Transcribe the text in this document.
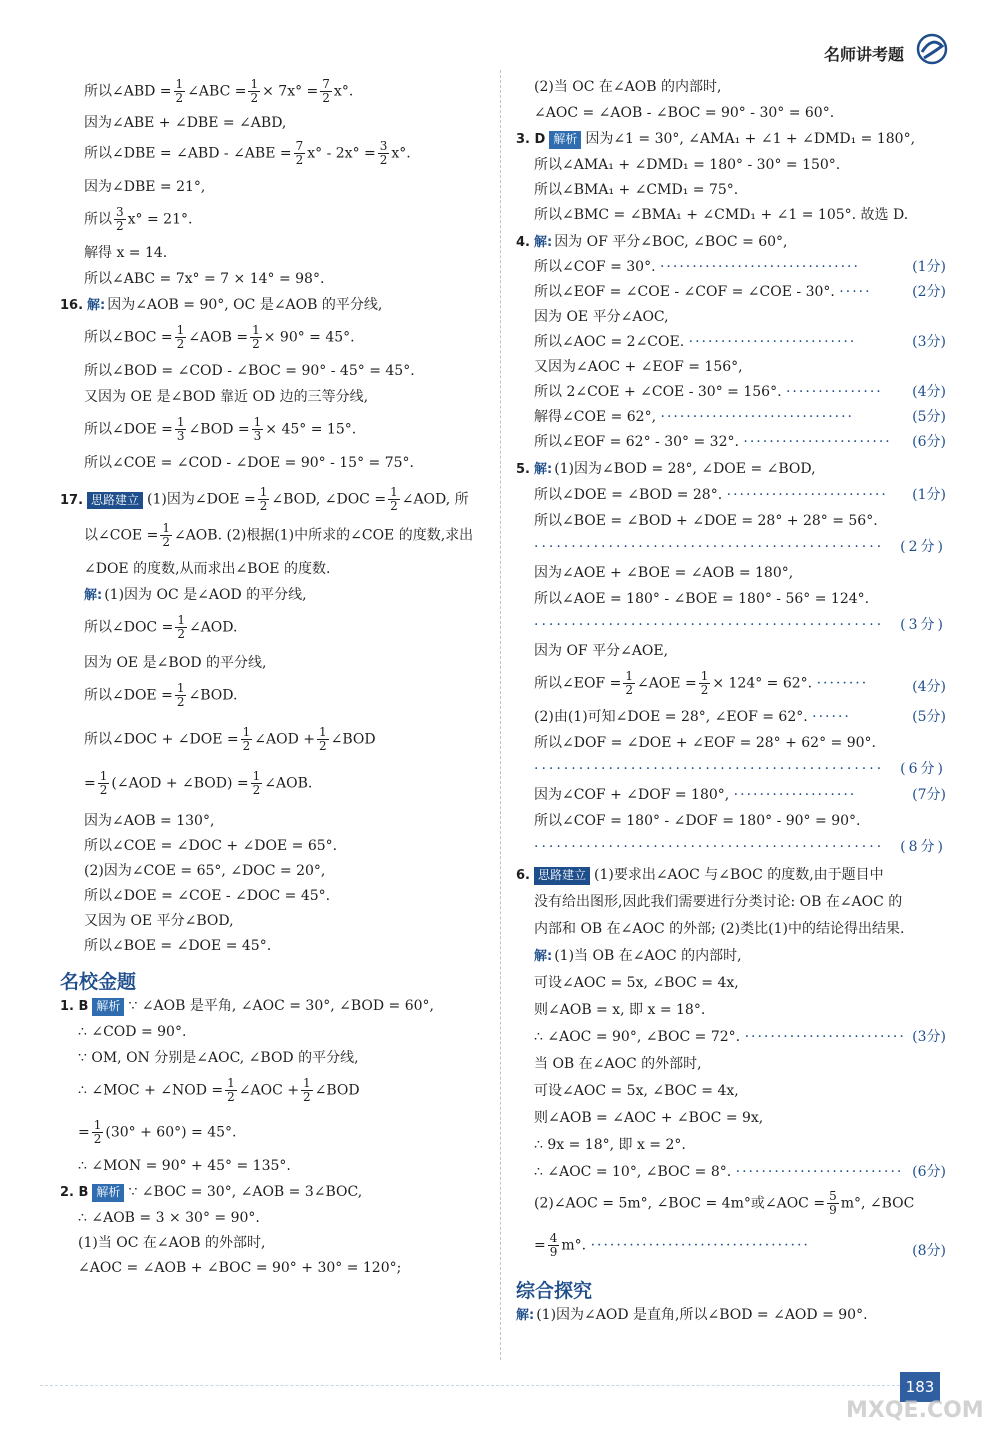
名师讲考题
所以∠ABD = $\frac{1}{2}$ ∠ABC = $\frac{1}{2} \times 7x^\circ = \frac{7}{2} x^\circ$.
因为∠ABE + ∠DBE = ∠ABD,
所以∠DBE = ∠ABD - ∠ABE = $\frac{7}{2} x^\circ - 2x^\circ = \frac{3}{2} x^\circ$.
因为∠DBE = 21°,
所以 $\frac{3}{2} x^\circ = 21^\circ$.
解得 x = 14.
所以∠ABC = 7x° = 7 × 14° = 98°.
16. 解: 因为∠AOB = 90°, OC 是∠AOB 的平分线,
所以∠BOC = $\frac{1}{2}$ ∠AOB = $\frac{1}{2} \times 90^\circ = 45^\circ$.
所以∠BOD = ∠COD - ∠BOC = 90° - 45° = 45°.
又因为 OE 是∠BOD 靠近 OD 边的三等分线,
所以∠DOE = $\frac{1}{3}$ ∠BOD = $\frac{1}{3} \times 45^\circ = 15^\circ$.
所以∠COE = ∠COD - ∠DOE = 90° - 15° = 75°.
17. 思路建立 (1)因为∠DOE = $\frac{1}{2}$ ∠BOD, ∠DOC = $\frac{1}{2}$ ∠AOD, 所
以∠COE = $\frac{1}{2}$ ∠AOB. (2)根据(1)中所求的∠COE 的度数,求出
∠DOE 的度数,从而求出∠BOE 的度数.
解: (1)因为 OC 是∠AOD 的平分线,
所以∠DOC = $\frac{1}{2}$ ∠AOD.
因为 OE 是∠BOD 的平分线,
所以∠DOE = $\frac{1}{2}$ ∠BOD.
所以∠DOC + ∠DOE = $\frac{1}{2}$ ∠AOD + $\frac{1}{2}$ ∠BOD
= $\frac{1}{2}$ (∠AOD + ∠BOD) = $\frac{1}{2}$ ∠AOB.
因为∠AOB = 130°,
所以∠COE = ∠DOC + ∠DOE = 65°.
(2)因为∠COE = 65°, ∠DOC = 20°,
所以∠DOE = ∠COE - ∠DOC = 45°.
又因为 OE 平分∠BOD,
所以∠BOE = ∠DOE = 45°.
名校金题
1. B 解析 ∵ ∠AOB 是平角, ∠AOC = 30°, ∠BOD = 60°,
∴ ∠COD = 90°.
∵ OM, ON 分别是∠AOC, ∠BOD 的平分线,
∴ ∠MOC + ∠NOD = $\frac{1}{2}$ ∠AOC + $\frac{1}{2}$ ∠BOD
= $\frac{1}{2} (30^\circ + 60^\circ) = 45^\circ$.
∴ ∠MON = 90° + 45° = 135°.
2. B 解析 ∵ ∠BOC = 30°, ∠AOB = 3∠BOC,
∴ ∠AOB = 3 × 30° = 90°.
(1)当 OC 在∠AOB 的外部时,
∠AOC = ∠AOB + ∠BOC = 90° + 30° = 120°;
(2)当 OC 在∠AOB 的内部时,
∠AOC = ∠AOB - ∠BOC = 90° - 30° = 60°.
3. D 解析 因为∠1 = 30°, ∠AMA₁ + ∠1 + ∠DMD₁ = 180°,
所以∠AMA₁ + ∠DMD₁ = 180° - 30° = 150°.
所以∠BMA₁ + ∠CMD₁ = 75°.
所以∠BMC = ∠BMA₁ + ∠CMD₁ + ∠1 = 105°. 故选 D.
4. 解: 因为 OF 平分∠BOC, ∠BOC = 60°,
所以∠COF = 30°. ·······························	(1分)
所以∠EOF = ∠COE - ∠COF = ∠COE - 30°. ·····	(2分)
因为 OE 平分∠AOC,
所以∠AOC = 2∠COE. ··························	(3分)
又因为∠AOC + ∠EOF = 156°,
所以 2∠COE + ∠COE - 30° = 156°. ··············· (4分)
解得∠COE = 62°, ······························	(5分)
所以∠EOF = 62° - 30° = 32°. ······················· (6分)
5. 解: (1)因为∠BOD = 28°, ∠DOE = ∠BOD,
所以∠DOE = ∠BOD = 28°. ························· (1分)
所以∠BOE = ∠BOD + ∠DOE = 28° + 28° = 56°.
··············································· (2分)
因为∠AOE + ∠BOE = ∠AOB = 180°,
所以∠AOE = 180° - ∠BOE = 180° - 56° = 124°.
··············································· (3分)
因为 OF 平分∠AOE,
所以∠EOF = $\frac{1}{2}$ ∠AOE = $\frac{1}{2} \times 124^\circ = 62^\circ$. ········	(4分)
(2)由(1)可知∠DOE = 28°, ∠EOF = 62°. ······	(5分)
所以∠DOF = ∠DOE + ∠EOF = 28° + 62° = 90°.
··············································· (6分)
因为∠COF + ∠DOF = 180°, ···················	(7分)
所以∠COF = 180° - ∠DOF = 180° - 90° = 90°.
··············································· (8分)
6. 思路建立 (1)要求出∠AOC 与∠BOC 的度数,由于题目中
没有给出图形,因此我们需要进行分类讨论: OB 在∠AOC 的
内部和 OB 在∠AOC 的外部; (2)类比(1)中的结论得出结果.
解: (1)当 OB 在∠AOC 的内部时,
可设∠AOC = 5x, ∠BOC = 4x,
则∠AOB = x, 即 x = 18°.
∴ ∠AOC = 90°, ∠BOC = 72°. ························· (3分)
当 OB 在∠AOC 的外部时,
可设∠AOC = 5x, ∠BOC = 4x,
则∠AOB = ∠AOC + ∠BOC = 9x,
∴ 9x = 18°, 即 x = 2°.
∴ ∠AOC = 10°, ∠BOC = 8°. ·························· (6分)
(2)∠AOC = 5m°, ∠BOC = 4m°或∠AOC = $\frac{5}{9} m^\circ$, ∠BOC
= $\frac{4}{9} m^\circ$. ··································	(8分)
综合探究
解: (1)因为∠AOD 是直角,所以∠BOD = ∠AOD = 90°.
183
MXQE.COM
